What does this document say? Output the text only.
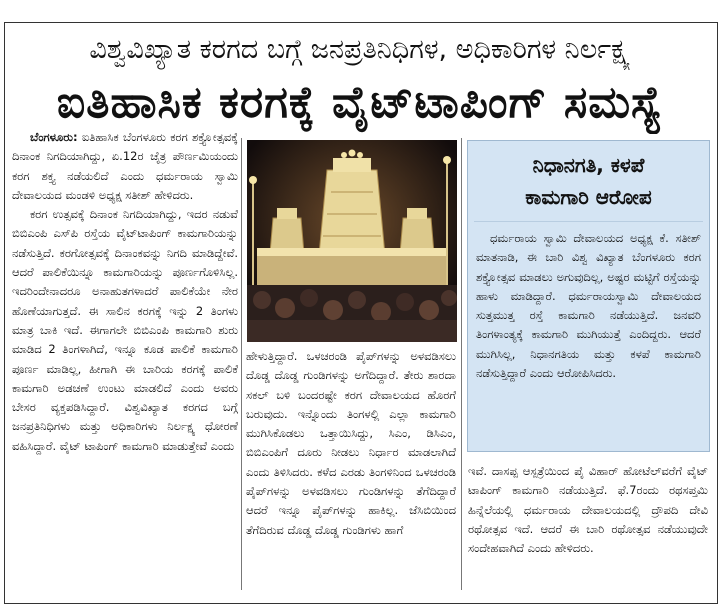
ವಿಶ್ವವಿಖ್ಯಾತ ಕರಗದ ಬಗ್ಗೆ ಜನಪ್ರತಿನಿಧಿಗಳ, ಅಧಿಕಾರಿಗಳ ನಿರ್ಲಕ್ಷ್ಯ
ಐತಿಹಾಸಿಕ ಕರಗಕ್ಕೆ ವೈಟ್‌ಟಾಪಿಂಗ್ ಸಮಸ್ಯೆ

ಬೆಂಗಳೂರು: ಐತಿಹಾಸಿಕ ಬೆಂಗಳೂರು ಕರಗ ಶಕ್ತ್ಯೋತ್ಸವಕ್ಕೆ ದಿನಾಂಕ ನಿಗದಿಯಾಗಿದ್ದು, ಏ.12ರ ಚೈತ್ರ ಪೌರ್ಣಮಿಯಂದು ಕರಗ ಶಕ್ತ್ಯ ನಡೆಯಲಿದೆ ಎಂದು ಧರ್ಮರಾಯ ಸ್ವಾಮಿ ದೇವಾಲಯದ ಮಂಡಳಿ ಅಧ್ಯಕ್ಷ ಸತೀಶ್ ಹೇಳಿದರು.

ಕರಗ ಉತ್ಸವಕ್ಕೆ ದಿನಾಂಕ ನಿಗದಿಯಾಗಿದ್ದು, ಇದರ ನಡುವೆ ಬಿಬಿಎಂಪಿ ಎಸ್‌ಪಿ ರಸ್ತೆಯ ವೈಟ್‌ಟಾಪಿಂಗ್ ಕಾಮಗಾರಿಯನ್ನು ನಡೆಸುತ್ತಿದೆ. ಕರಗೋತ್ಸವಕ್ಕೆ ದಿನಾಂಕವನ್ನು ನಿಗದಿ ಮಾಡಿದ್ದೇವೆ. ಆದರೆ ಪಾಲಿಕೆಯಿನ್ನೂ ಕಾಮಗಾರಿಯನ್ನು ಪೂರ್ಣಗೊಳಿಸಿಲ್ಲ. ಇದರಿಂದೇನಾದರೂ ಅನಾಹುತಗಳಾದರೆ ಪಾಲಿಕೆಯೇ ನೇರ ಹೊಣೆಯಾಗುತ್ತದೆ. ಈ ಸಾಲಿನ ಕರಗಕ್ಕೆ ಇನ್ನು 2 ತಿಂಗಳು ಮಾತ್ರ ಬಾಕಿ ಇದೆ. ಈಗಾಗಲೇ ಬಿಬಿಎಂಪಿ ಕಾಮಗಾರಿ ಶುರು ಮಾಡಿದ 2 ತಿಂಗಳಾಗಿದೆ, ಇನ್ನೂ ಕೂಡ ಪಾಲಿಕೆ ಕಾಮಗಾರಿ ಪೂರ್ಣ ಮಾಡಿಲ್ಲ, ಹೀಗಾಗಿ ಈ ಬಾರಿಯ ಕರಗಕ್ಕೆ ಪಾಲಿಕೆ ಕಾಮಗಾರಿ ಅಡಚಣೆ ಉಂಟು ಮಾಡಲಿದೆ ಎಂದು ಅವರು ಬೇಸರ ವ್ಯಕ್ತಪಡಿಸಿದ್ದಾರೆ. ವಿಶ್ವವಿಖ್ಯಾತ ಕರಗದ ಬಗ್ಗೆ ಜನಪ್ರತಿನಿಧಿಗಳು ಮತ್ತು ಅಧಿಕಾರಿಗಳು ನಿರ್ಲಕ್ಷ್ಯ ಧೋರಣೆ ವಹಿಸಿದ್ದಾರೆ. ವೈಟ್ ಟಾಪಿಂಗ್ ಕಾಮಗಾರಿ ಮಾಡುತ್ತೇವೆ ಎಂದು

ಹೇಳುತ್ತಿದ್ದಾರೆ. ಒಳಚರಂಡಿ ಪೈಪ್‌ಗಳನ್ನು ಅಳವಡಿಸಲು ದೊಡ್ಡ ದೊಡ್ಡ ಗುಂಡಿಗಳನ್ನು ಅಗೆದಿದ್ದಾರೆ. ತೇರು ಶಾರದಾ ಸಕಲ್ ಬಳಿ ಬಂದರಷ್ಟೇ ಕರಗ ದೇವಾಲಯದ ಹೊರಗೆ ಬರುವುದು. ಇನ್ನೊಂದು ತಿಂಗಳಲ್ಲಿ ಎಲ್ಲಾ ಕಾಮಗಾರಿ ಮುಗಿಸಿಕೊಡಲು ಒತ್ತಾಯಿಸಿದ್ದು, ಸಿಎಂ, ಡಿಸಿಎಂ, ಬಿಬಿಎಂಪಿಗೆ ದೂರು ನೀಡಲು ನಿರ್ಧಾರ ಮಾಡಲಾಗಿದೆ ಎಂದು ತಿಳಿಸಿದರು. ಕಳೆದ ಎರಡು ತಿಂಗಳಿನಿಂದ ಒಳಚರಂಡಿ ಪೈಪ್‌ಗಳನ್ನು ಅಳವಡಿಸಲು ಗುಂಡಿಗಳನ್ನು ತೆಗೆದಿದ್ದಾರೆ ಆದರೆ ಇನ್ನೂ ಪೈಪ್‌ಗಳನ್ನು ಹಾಕಿಲ್ಲ. ಜೆಸಿಬಿಯಿಂದ ತೆಗೆದಿರುವ ದೊಡ್ಡ ದೊಡ್ಡ ಗುಂಡಿಗಳು ಹಾಗೆ

ನಿಧಾನಗತಿ, ಕಳಪೆ
ಕಾಮಗಾರಿ ಆರೋಪ

ಧರ್ಮರಾಯ ಸ್ವಾಮಿ ದೇವಾಲಯದ ಅಧ್ಯಕ್ಷ ಕೆ. ಸತೀಶ್ ಮಾತನಾಡಿ, ಈ ಬಾರಿ ವಿಶ್ವ ವಿಖ್ಯಾತ ಬೆಂಗಳೂರು ಕರಗ ಶಕ್ತ್ಯೋತ್ಸವ ಮಾಡಲು ಅಗುವುದಿಲ್ಲ, ಅಷ್ಟರ ಮಟ್ಟಿಗೆ ರಸ್ತೆಯನ್ನು ಹಾಳು ಮಾಡಿದ್ದಾರೆ. ಧರ್ಮರಾಯಸ್ವಾಮಿ ದೇವಾಲಯದ ಸುತ್ತಮುತ್ತ ರಸ್ತೆ ಕಾಮಗಾರಿ ನಡೆಯುತ್ತಿದೆ. ಜನವರಿ ತಿಂಗಳಾಂತ್ಯಕ್ಕೆ ಕಾಮಗಾರಿ ಮುಗಿಯುತ್ತೆ ಎಂದಿದ್ದರು. ಆದರೆ ಮುಗಿಸಿಲ್ಲ, ನಿಧಾನಗತಿಯ ಮತ್ತು ಕಳಪೆ ಕಾಮಗಾರಿ ನಡೆಸುತ್ತಿದ್ದಾರೆ ಎಂದು ಆರೋಪಿಸಿದರು.

ಇವೆ. ದಾಸಪ್ಪ ಆಸ್ಪತ್ರೆಯಿಂದ ಪೈ ವಿಹಾರ್ ಹೋಟೆಲ್‌ವರೆಗೆ ವೈಟ್ ಟಾಪಿಂಗ್ ಕಾಮಗಾರಿ ನಡೆಯುತ್ತಿದೆ. ಫೆ.7ರಂದು ರಥಸಪ್ತಮಿ ಹಿನ್ನೆಲೆಯಲ್ಲಿ ಧರ್ಮರಾಯ ದೇವಾಲಯದಲ್ಲಿ ದ್ರೌಪದಿ ದೇವಿ ರಥೋತ್ಸವ ಇದೆ. ಆದರೆ ಈ ಬಾರಿ ರಥೋತ್ಸವ ನಡೆಯುವುದೇ ಸಂದೇಹವಾಗಿದೆ ಎಂದು ಹೇಳಿದರು.
